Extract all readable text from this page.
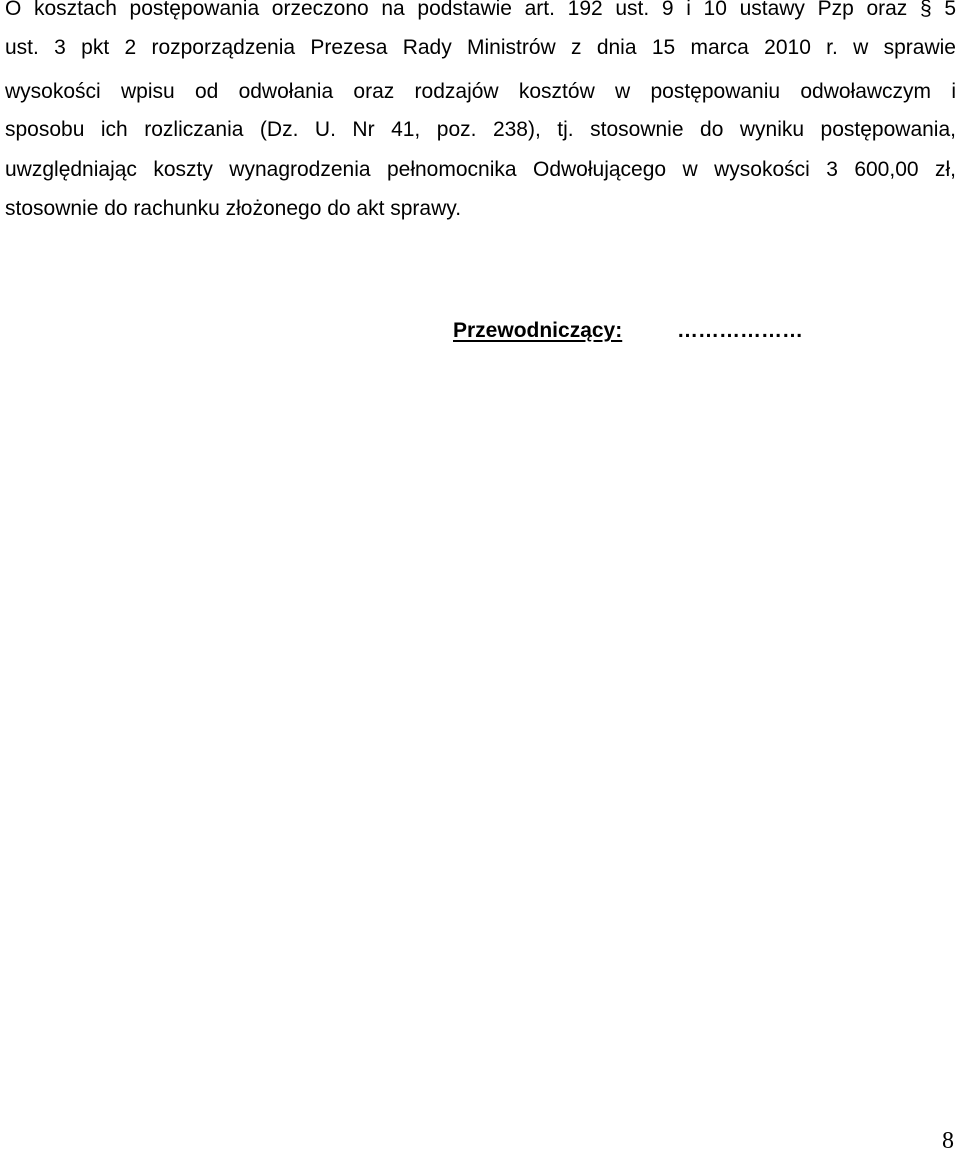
O kosztach postępowania orzeczono na podstawie art. 192 ust. 9 i 10 ustawy Pzp oraz § 5
ust. 3 pkt 2 rozporządzenia Prezesa Rady Ministrów z dnia 15 marca 2010 r. w sprawie
wysokości wpisu od odwołania oraz rodzajów kosztów w postępowaniu odwoławczym i
sposobu ich rozliczania (Dz. U. Nr 41, poz. 238), tj. stosownie do wyniku postępowania,
uwzględniając koszty wynagrodzenia pełnomocnika Odwołującego w wysokości 3 600,00 zł,
stosownie do rachunku złożonego do akt sprawy.
Przewodniczący:	………………
8
